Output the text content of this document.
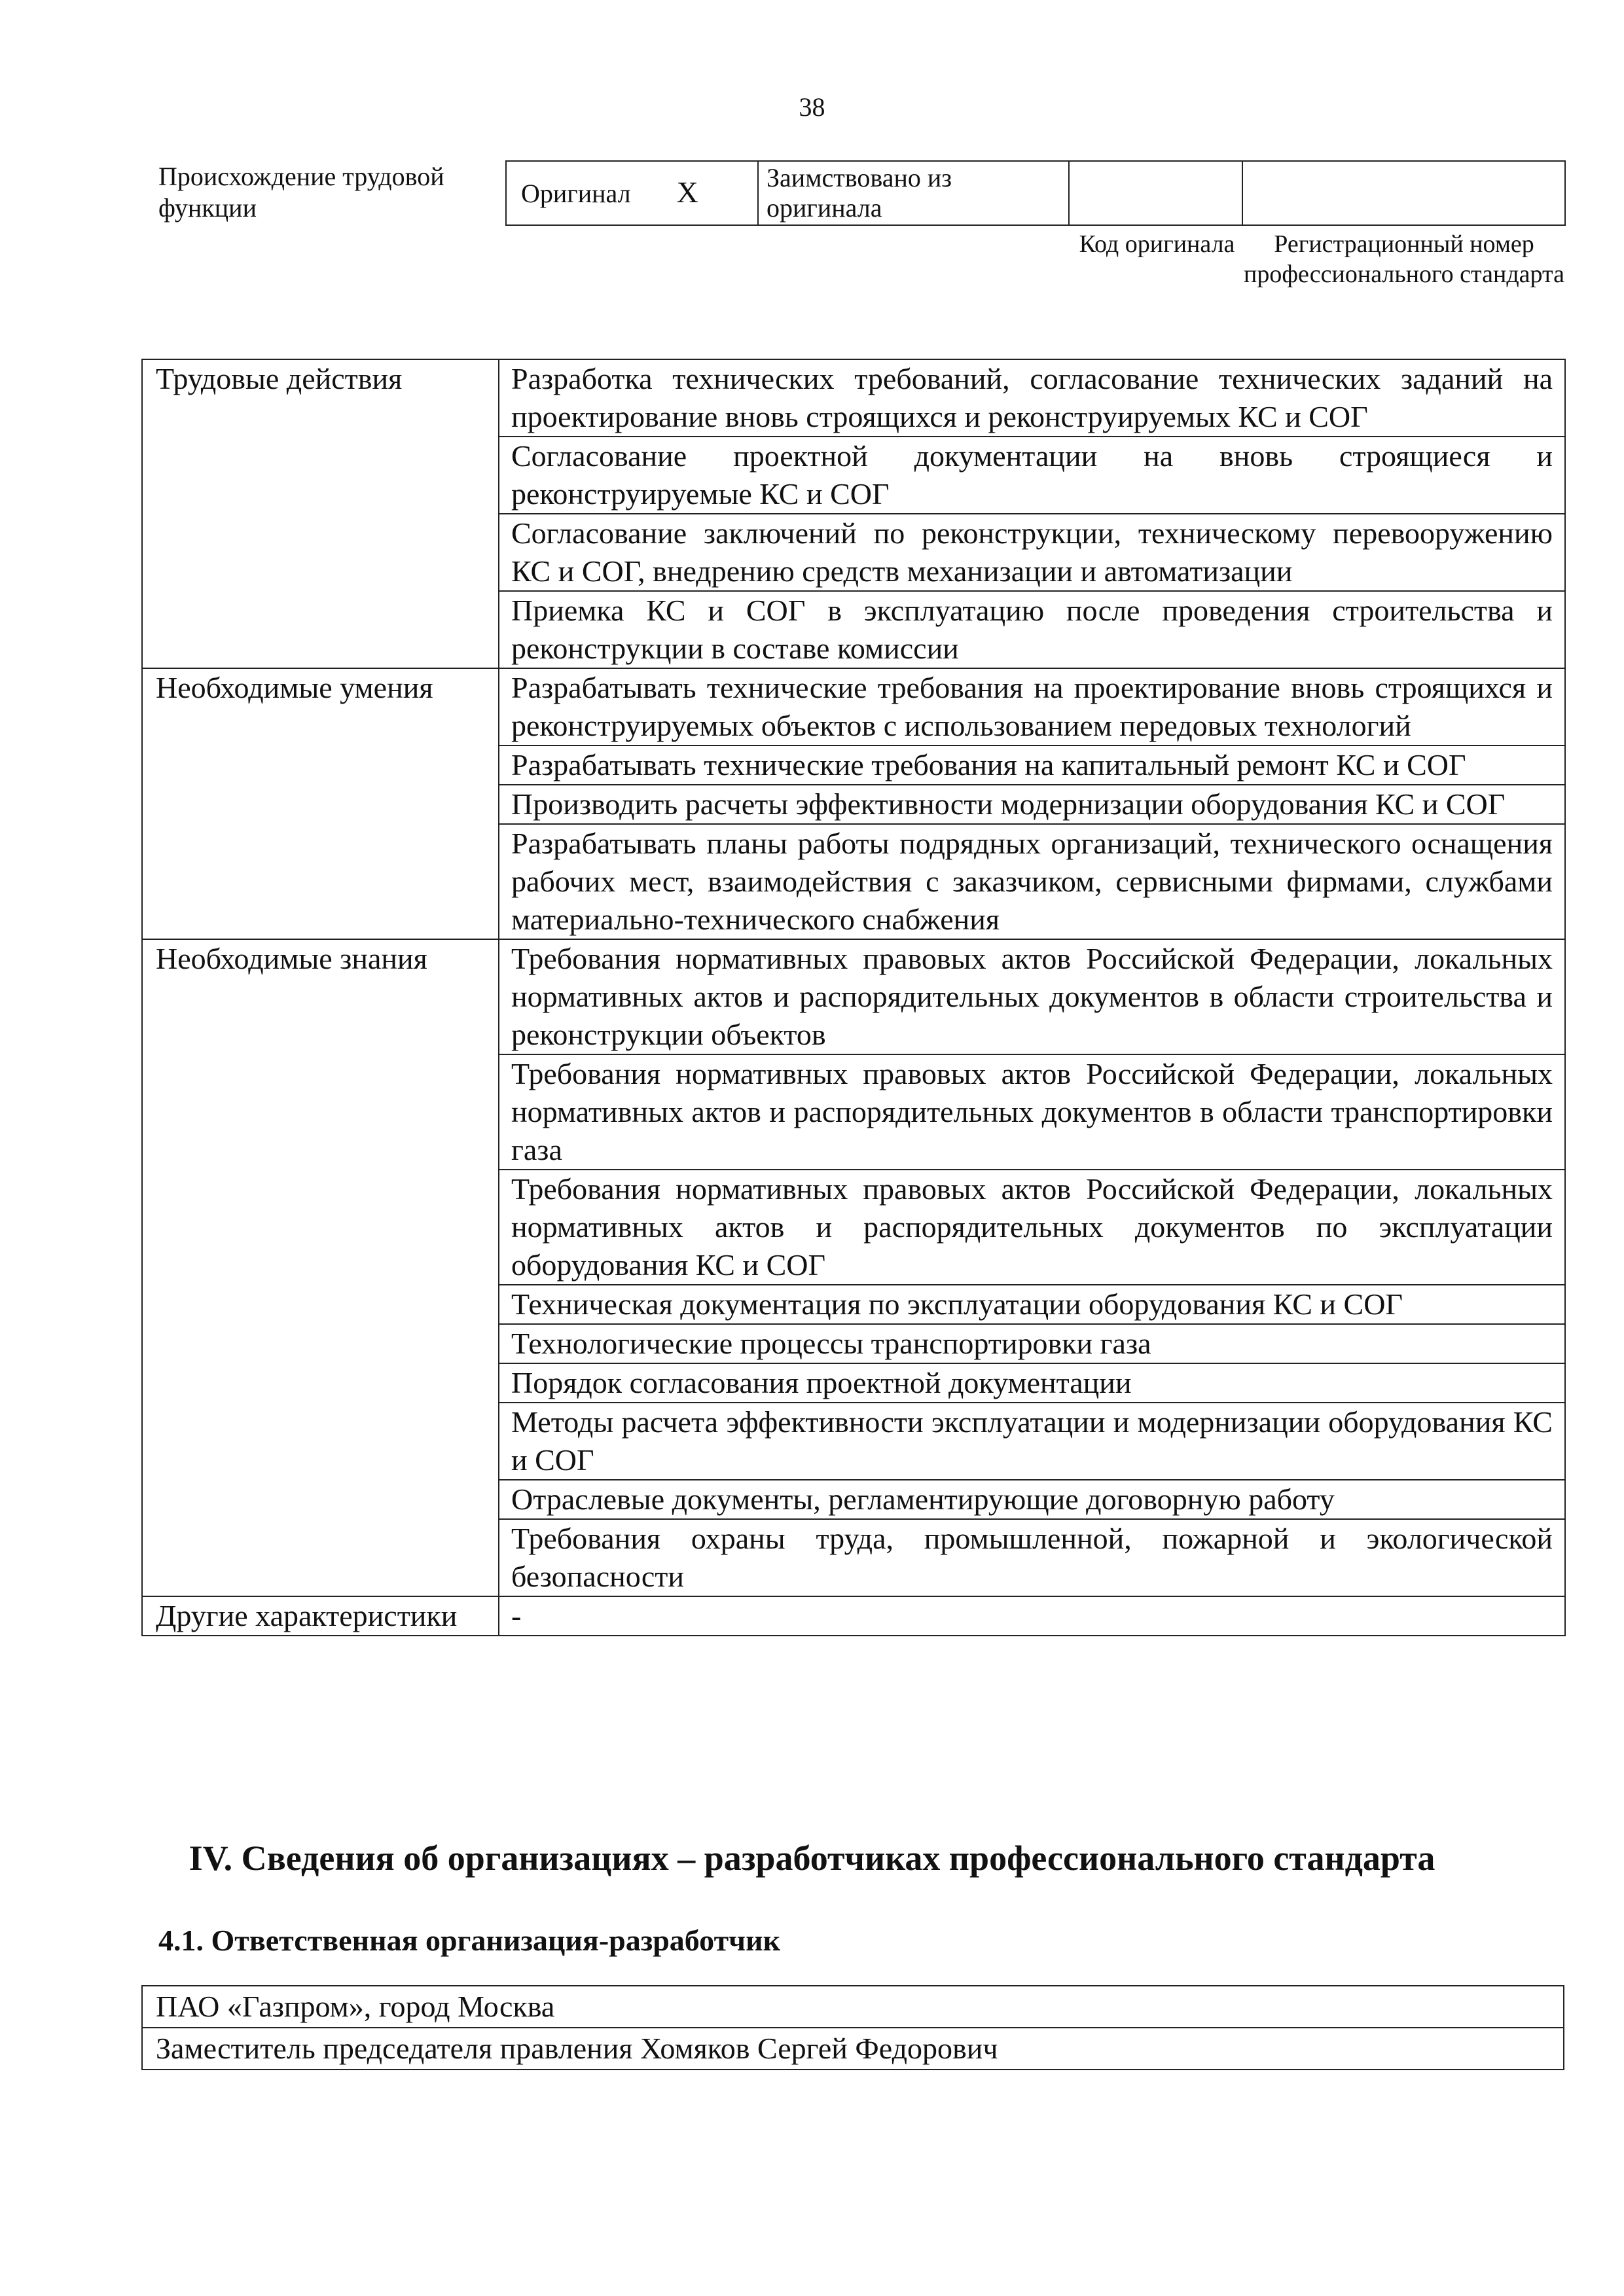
38
Происхождение трудовой функции	Оригинал X	Заимствовано из оригинала		
Код оригинала	Регистрационный номер профессионального стандарта
Трудовые действия	Разработка технических требований, согласование технических заданий на проектирование вновь строящихся и реконструируемых КС и СОГ
	Согласование проектной документации на вновь строящиеся и реконструируемые КС и СОГ
	Согласование заключений по реконструкции, техническому перевооружению КС и СОГ, внедрению средств механизации и автоматизации
	Приемка КС и СОГ в эксплуатацию после проведения строительства и реконструкции в составе комиссии
Необходимые умения	Разрабатывать технические требования на проектирование вновь строящихся и реконструируемых объектов с использованием передовых технологий
	Разрабатывать технические требования на капитальный ремонт КС и СОГ
	Производить расчеты эффективности модернизации оборудования КС и СОГ
	Разрабатывать планы работы подрядных организаций, технического оснащения рабочих мест, взаимодействия с заказчиком, сервисными фирмами, службами материально-технического снабжения
Необходимые знания	Требования нормативных правовых актов Российской Федерации, локальных нормативных актов и распорядительных документов в области строительства и реконструкции объектов
	Требования нормативных правовых актов Российской Федерации, локальных нормативных актов и распорядительных документов в области транспортировки газа
	Требования нормативных правовых актов Российской Федерации, локальных нормативных актов и распорядительных документов по эксплуатации оборудования КС и СОГ
	Техническая документация по эксплуатации оборудования КС и СОГ
	Технологические процессы транспортировки газа
	Порядок согласования проектной документации
	Методы расчета эффективности эксплуатации и модернизации оборудования КС и СОГ
	Отраслевые документы, регламентирующие договорную работу
	Требования охраны труда, промышленной, пожарной и экологической безопасности
Другие характеристики	-
IV. Сведения об организациях – разработчиках профессионального стандарта
4.1. Ответственная организация-разработчик
ПАО «Газпром», город Москва
Заместитель председателя правления Хомяков Сергей Федорович
